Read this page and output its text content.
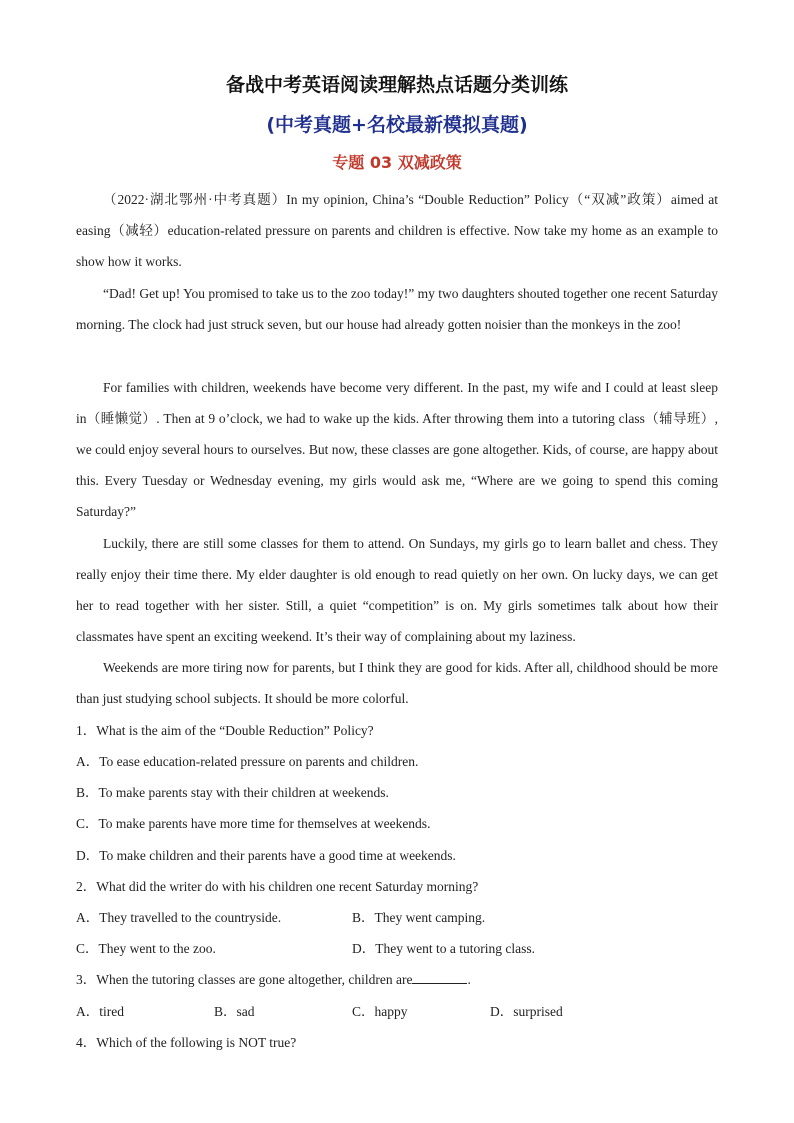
备战中考英语阅读理解热点话题分类训练
(中考真题+名校最新模拟真题)
专题 03 双减政策

（2022·湖北鄂州·中考真题）In my opinion, China’s “Double Reduction” Policy（“双减”政策）aimed at easing（减轻）education-related pressure on parents and children is effective. Now take my home as an example to show how it works.

“Dad! Get up! You promised to take us to the zoo today!” my two daughters shouted together one recent Saturday morning. The clock had just struck seven, but our house had already gotten noisier than the monkeys in the zoo!

For families with children, weekends have become very different. In the past, my wife and I could at least sleep in（睡懒觉）. Then at 9 o’clock, we had to wake up the kids. After throwing them into a tutoring class（辅导班）, we could enjoy several hours to ourselves. But now, these classes are gone altogether. Kids, of course, are happy about this. Every Tuesday or Wednesday evening, my girls would ask me, “Where are we going to spend this coming Saturday?”

Luckily, there are still some classes for them to attend. On Sundays, my girls go to learn ballet and chess. They really enjoy their time there. My elder daughter is old enough to read quietly on her own. On lucky days, we can get her to read together with her sister. Still, a quiet “competition” is on. My girls sometimes talk about how their classmates have spent an exciting weekend. It’s their way of complaining about my laziness.

Weekends are more tiring now for parents, but I think they are good for kids. After all, childhood should be more than just studying school subjects. It should be more colorful.

1．What is the aim of the “Double Reduction” Policy?
A．To ease education-related pressure on parents and children.
B．To make parents stay with their children at weekends.
C．To make parents have more time for themselves at weekends.
D．To make children and their parents have a good time at weekends.
2．What did the writer do with his children one recent Saturday morning?
A．They travelled to the countryside.	B．They went camping.
C．They went to the zoo.	D．They went to a tutoring class.
3．When the tutoring classes are gone altogether, children are	.
A．tired	B．sad	C．happy	D．surprised
4．Which of the following is NOT true?
